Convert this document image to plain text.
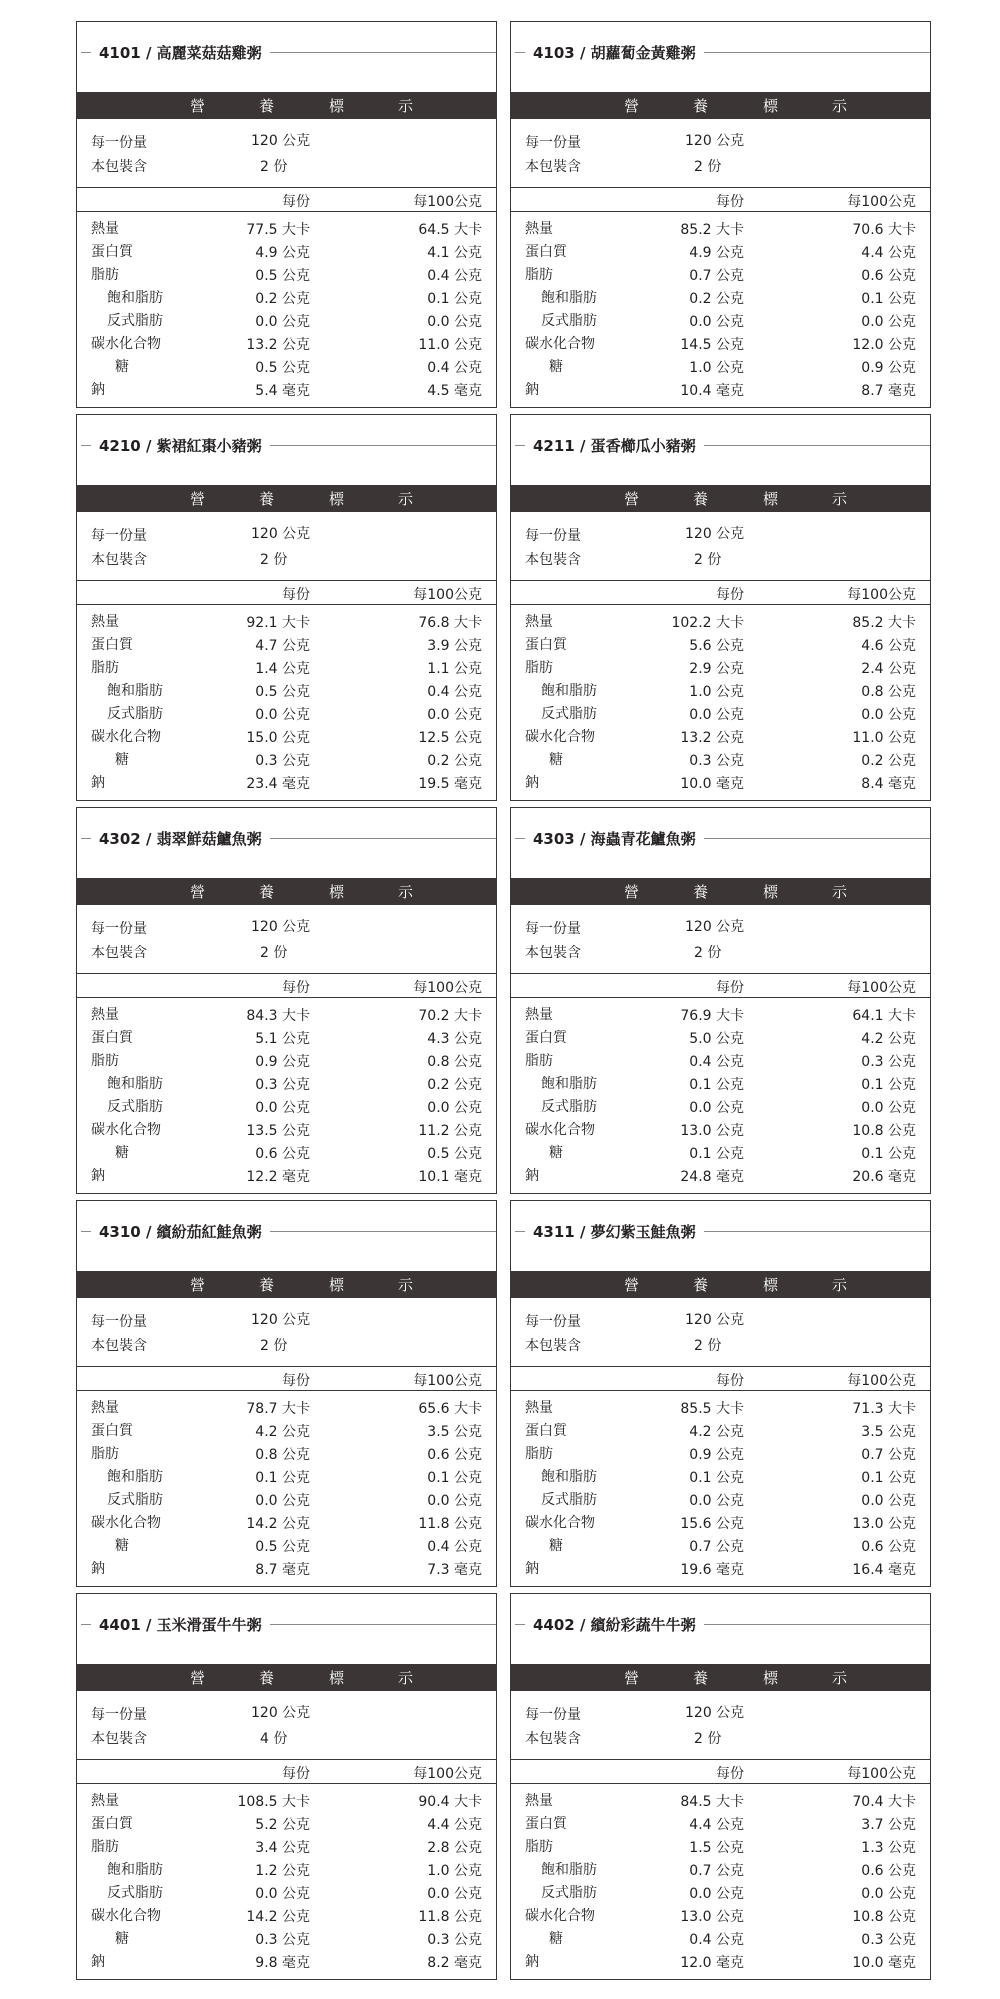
4101 / 高麗菜菇菇雞粥
營	養	標	示
每一份量	120 公克
本包裝含	2 份
每份	每100公克
熱量	77.5 大卡	64.5 大卡
蛋白質	4.9 公克	4.1 公克
脂肪	0.5 公克	0.4 公克
飽和脂肪	0.2 公克	0.1 公克
反式脂肪	0.0 公克	0.0 公克
碳水化合物	13.2 公克	11.0 公克
糖	0.5 公克	0.4 公克
鈉	5.4 毫克	4.5 毫克
4103 / 胡蘿蔔金黃雞粥
營	養	標	示
每一份量	120 公克
本包裝含	2 份
每份	每100公克
熱量	85.2 大卡	70.6 大卡
蛋白質	4.9 公克	4.4 公克
脂肪	0.7 公克	0.6 公克
飽和脂肪	0.2 公克	0.1 公克
反式脂肪	0.0 公克	0.0 公克
碳水化合物	14.5 公克	12.0 公克
糖	1.0 公克	0.9 公克
鈉	10.4 毫克	8.7 毫克
4210 / 紫裙紅棗小豬粥
營	養	標	示
每一份量	120 公克
本包裝含	2 份
每份	每100公克
熱量	92.1 大卡	76.8 大卡
蛋白質	4.7 公克	3.9 公克
脂肪	1.4 公克	1.1 公克
飽和脂肪	0.5 公克	0.4 公克
反式脂肪	0.0 公克	0.0 公克
碳水化合物	15.0 公克	12.5 公克
糖	0.3 公克	0.2 公克
鈉	23.4 毫克	19.5 毫克
4211 / 蛋香櫛瓜小豬粥
營	養	標	示
每一份量	120 公克
本包裝含	2 份
每份	每100公克
熱量	102.2 大卡	85.2 大卡
蛋白質	5.6 公克	4.6 公克
脂肪	2.9 公克	2.4 公克
飽和脂肪	1.0 公克	0.8 公克
反式脂肪	0.0 公克	0.0 公克
碳水化合物	13.2 公克	11.0 公克
糖	0.3 公克	0.2 公克
鈉	10.0 毫克	8.4 毫克
4302 / 翡翠鮮菇鱸魚粥
營	養	標	示
每一份量	120 公克
本包裝含	2 份
每份	每100公克
熱量	84.3 大卡	70.2 大卡
蛋白質	5.1 公克	4.3 公克
脂肪	0.9 公克	0.8 公克
飽和脂肪	0.3 公克	0.2 公克
反式脂肪	0.0 公克	0.0 公克
碳水化合物	13.5 公克	11.2 公克
糖	0.6 公克	0.5 公克
鈉	12.2 毫克	10.1 毫克
4303 / 海蟲青花鱸魚粥
營	養	標	示
每一份量	120 公克
本包裝含	2 份
每份	每100公克
熱量	76.9 大卡	64.1 大卡
蛋白質	5.0 公克	4.2 公克
脂肪	0.4 公克	0.3 公克
飽和脂肪	0.1 公克	0.1 公克
反式脂肪	0.0 公克	0.0 公克
碳水化合物	13.0 公克	10.8 公克
糖	0.1 公克	0.1 公克
鈉	24.8 毫克	20.6 毫克
4310 / 繽紛茄紅鮭魚粥
營	養	標	示
每一份量	120 公克
本包裝含	2 份
每份	每100公克
熱量	78.7 大卡	65.6 大卡
蛋白質	4.2 公克	3.5 公克
脂肪	0.8 公克	0.6 公克
飽和脂肪	0.1 公克	0.1 公克
反式脂肪	0.0 公克	0.0 公克
碳水化合物	14.2 公克	11.8 公克
糖	0.5 公克	0.4 公克
鈉	8.7 毫克	7.3 毫克
4311 / 夢幻紫玉鮭魚粥
營	養	標	示
每一份量	120 公克
本包裝含	2 份
每份	每100公克
熱量	85.5 大卡	71.3 大卡
蛋白質	4.2 公克	3.5 公克
脂肪	0.9 公克	0.7 公克
飽和脂肪	0.1 公克	0.1 公克
反式脂肪	0.0 公克	0.0 公克
碳水化合物	15.6 公克	13.0 公克
糖	0.7 公克	0.6 公克
鈉	19.6 毫克	16.4 毫克
4401 / 玉米滑蛋牛牛粥
營	養	標	示
每一份量	120 公克
本包裝含	4 份
每份	每100公克
熱量	108.5 大卡	90.4 大卡
蛋白質	5.2 公克	4.4 公克
脂肪	3.4 公克	2.8 公克
飽和脂肪	1.2 公克	1.0 公克
反式脂肪	0.0 公克	0.0 公克
碳水化合物	14.2 公克	11.8 公克
糖	0.3 公克	0.3 公克
鈉	9.8 毫克	8.2 毫克
4402 / 繽紛彩蔬牛牛粥
營	養	標	示
每一份量	120 公克
本包裝含	2 份
每份	每100公克
熱量	84.5 大卡	70.4 大卡
蛋白質	4.4 公克	3.7 公克
脂肪	1.5 公克	1.3 公克
飽和脂肪	0.7 公克	0.6 公克
反式脂肪	0.0 公克	0.0 公克
碳水化合物	13.0 公克	10.8 公克
糖	0.4 公克	0.3 公克
鈉	12.0 毫克	10.0 毫克
